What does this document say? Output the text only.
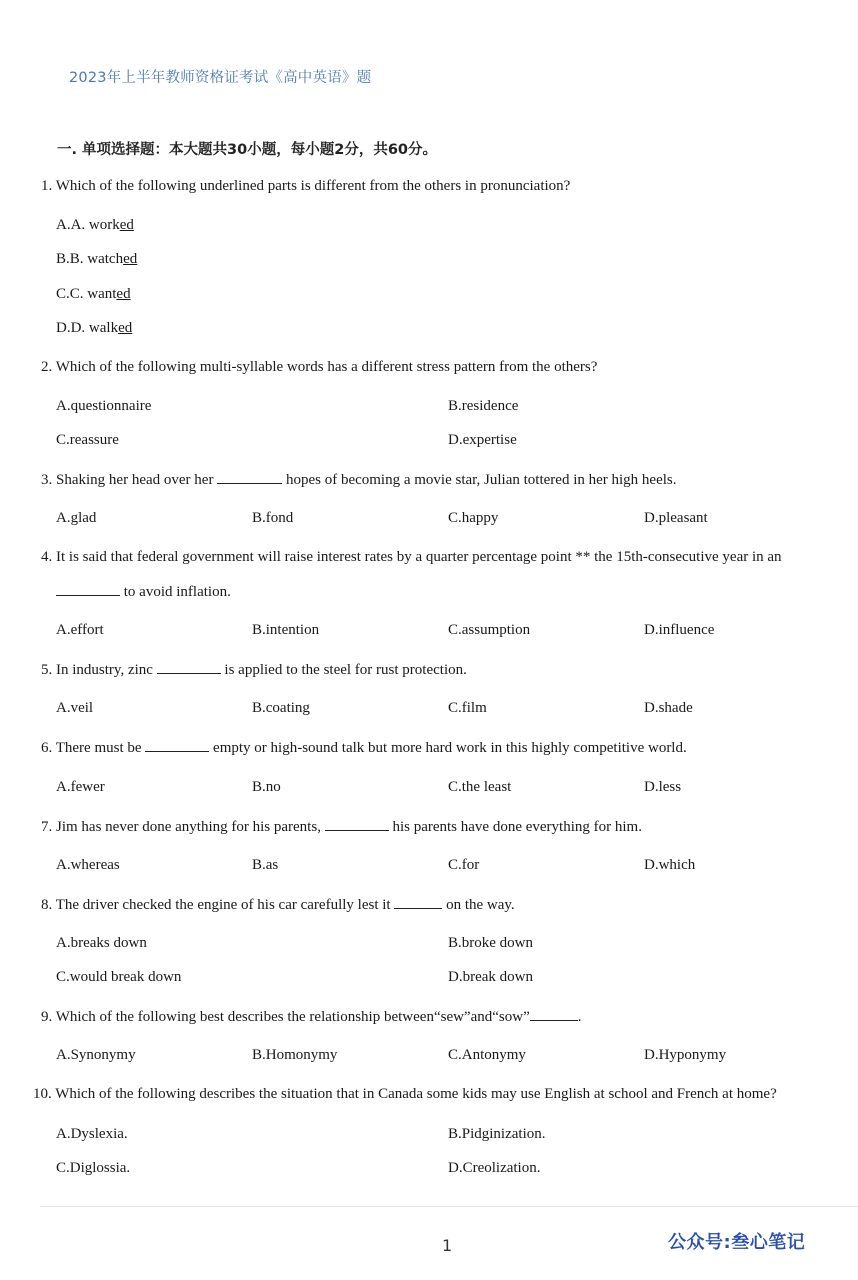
2023年上半年教师资格证考试《高中英语》题
一. 单项选择题：本大题共30小题，每小题2分，共60分。
1. Which of the following underlined parts is different from the others in pronunciation?
A.A. worked
B.B. watched
C.C. wanted
D.D. walked
2. Which of the following multi-syllable words has a different stress pattern from the others?
A.questionnaire	B.residence
C.reassure	D.expertise
3. Shaking her head over her	hopes of becoming a movie star, Julian tottered in her high heels.
A.glad	B.fond	C.happy	D.pleasant
4. It is said that federal government will raise interest rates by a quarter percentage point ** the 15th-consecutive year in an
to avoid inflation.
A.effort	B.intention	C.assumption	D.influence
5. In industry, zinc	is applied to the steel for rust protection.
A.veil	B.coating	C.film	D.shade
6. There must be	empty or high-sound talk but more hard work in this highly competitive world.
A.fewer	B.no	C.the least	D.less
7. Jim has never done anything for his parents,	his parents have done everything for him.
A.whereas	B.as	C.for	D.which
8. The driver checked the engine of his car carefully lest it	on the way.
A.breaks down	B.broke down
C.would break down	D.break down
9. Which of the following best describes the relationship between“sew”and“sow”	.
A.Synonymy	B.Homonymy	C.Antonymy	D.Hyponymy
10. Which of the following describes the situation that in Canada some kids may use English at school and French at home?
A.Dyslexia.	B.Pidginization.
C.Diglossia.	D.Creolization.
1	公众号:叁心笔记
